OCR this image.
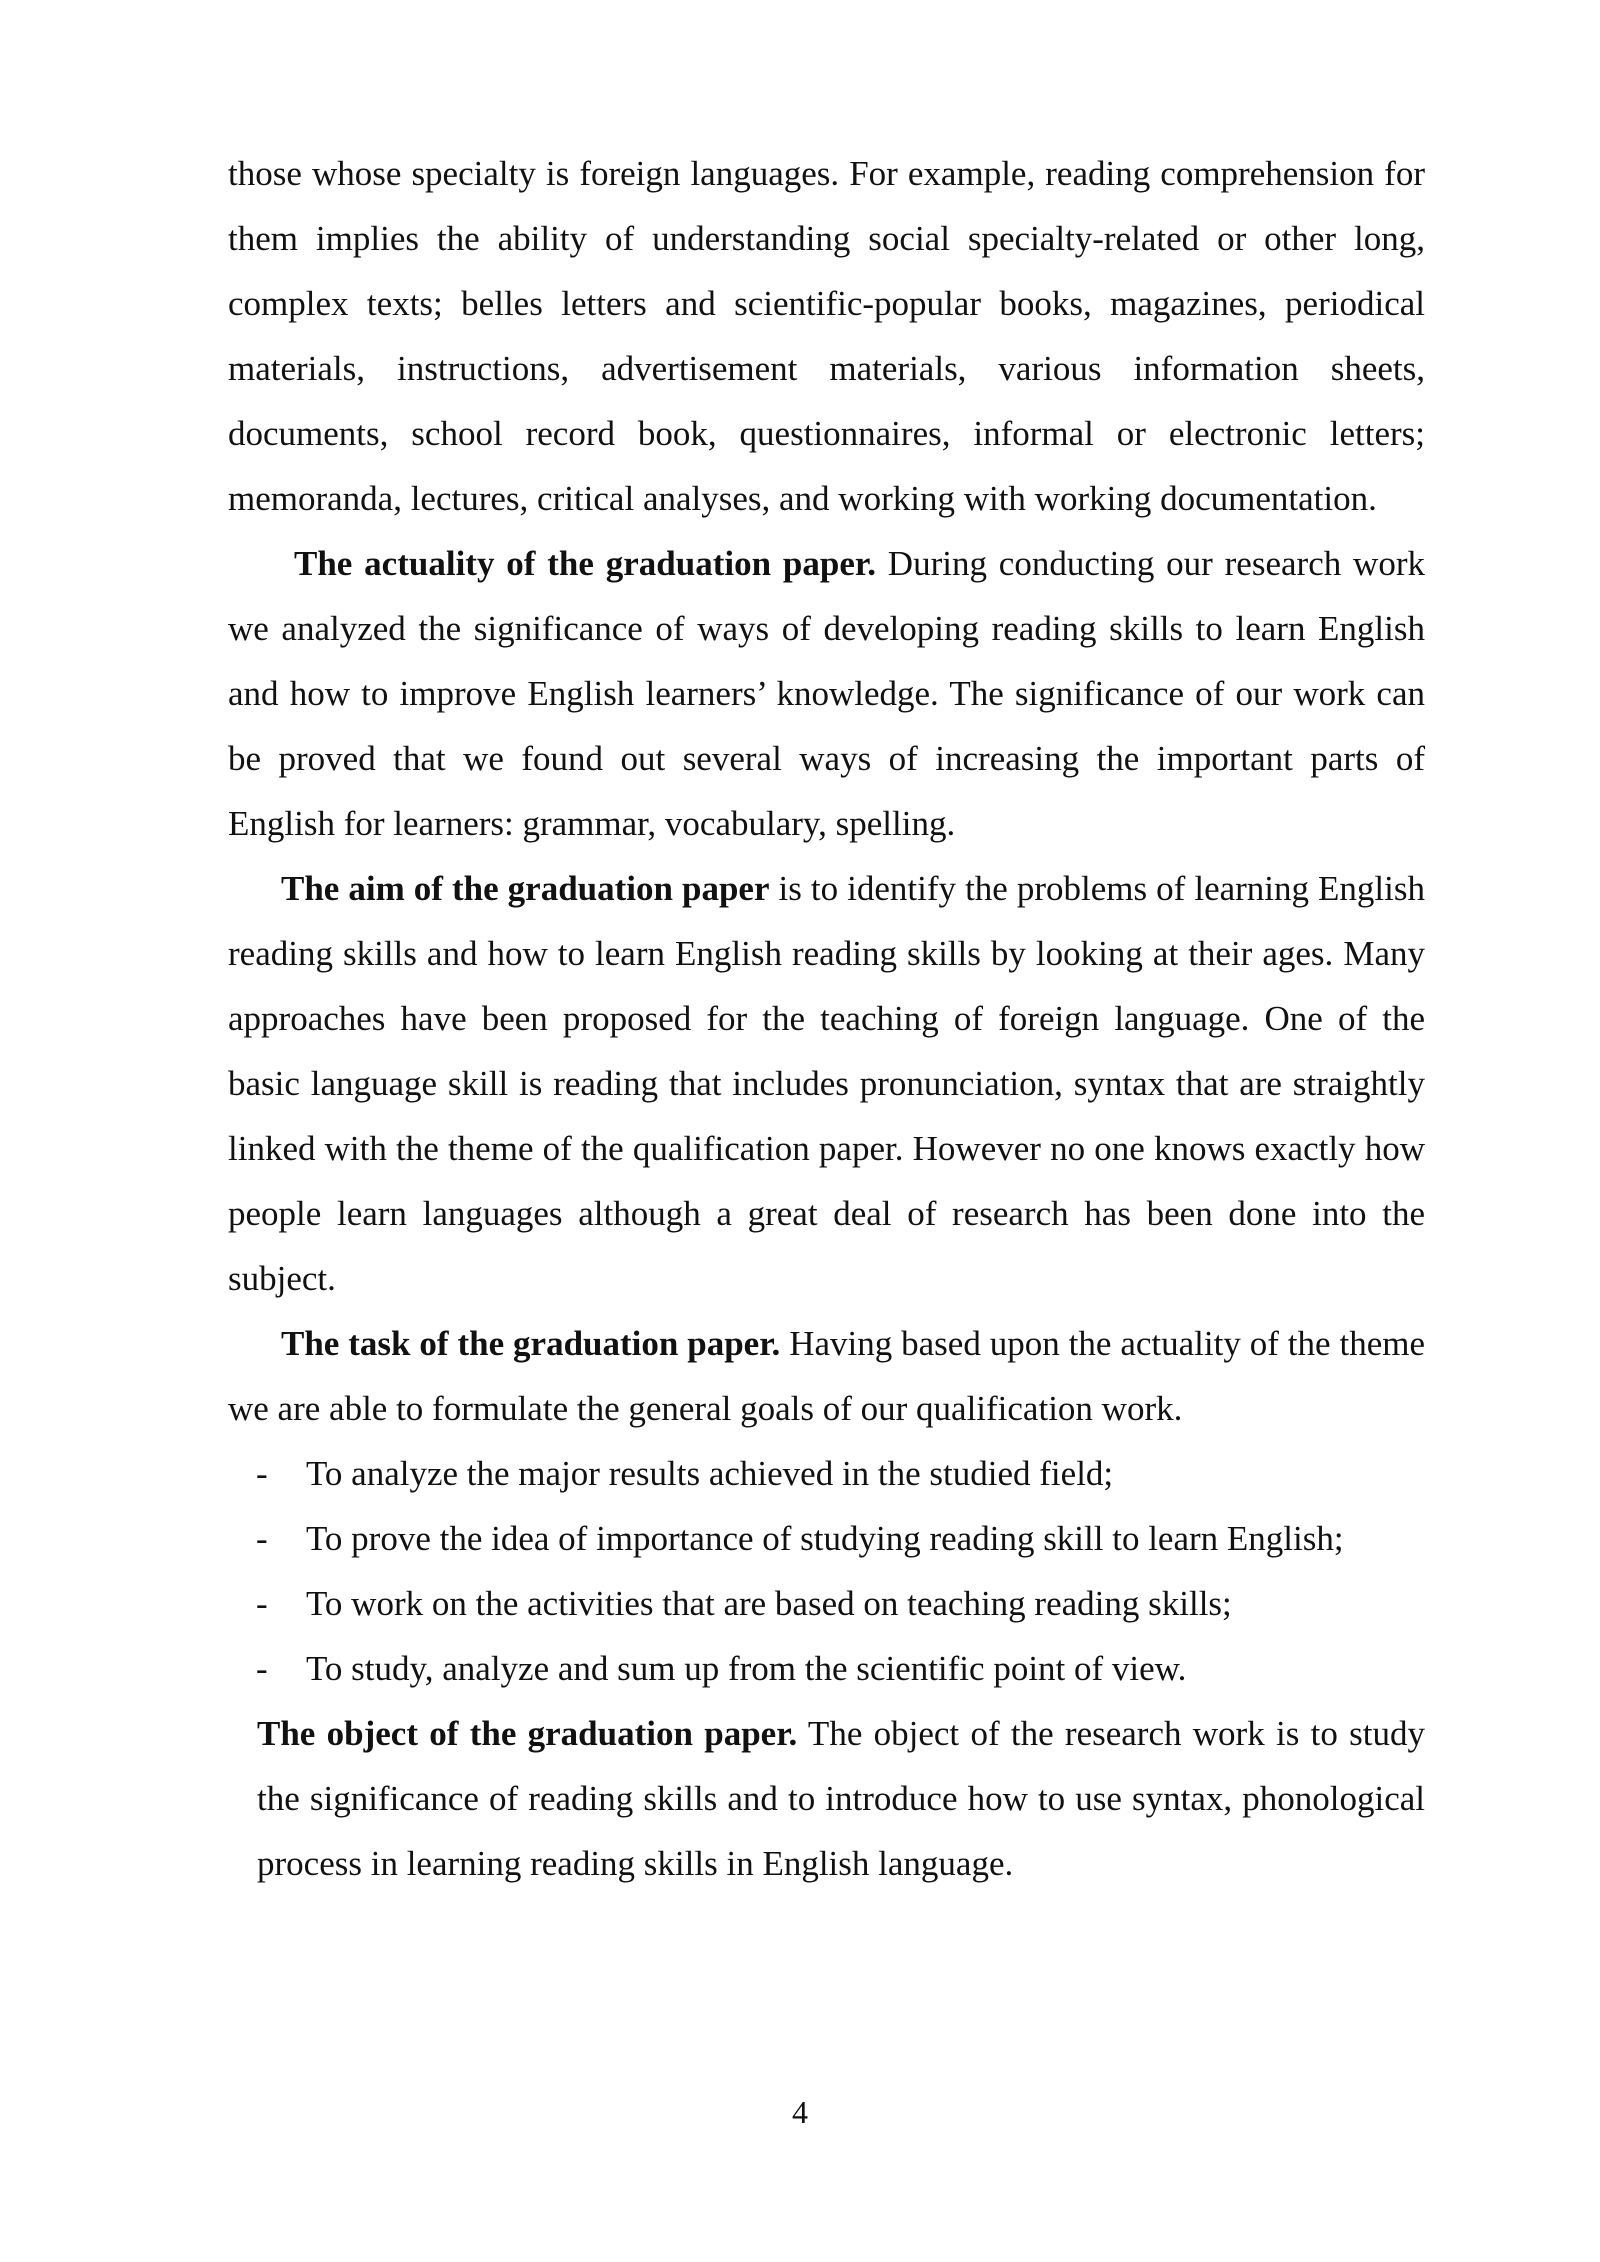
those whose specialty is foreign languages. For example, reading comprehension for them implies the ability of understanding social specialty-related or other long, complex texts; belles letters and scientific-popular books, magazines, periodical materials, instructions, advertisement materials, various information sheets, documents, school record book, questionnaires, informal or electronic letters; memoranda, lectures, critical analyses, and working with working documentation.

The actuality of the graduation paper. During conducting our research work we analyzed the significance of ways of developing reading skills to learn English and how to improve English learners’ knowledge. The significance of our work can be proved that we found out several ways of increasing the important parts of English for learners: grammar, vocabulary, spelling.

The aim of the graduation paper is to identify the problems of learning English reading skills and how to learn English reading skills by looking at their ages. Many approaches have been proposed for the teaching of foreign language. One of the basic language skill is reading that includes pronunciation, syntax that are straightly linked with the theme of the qualification paper. However no one knows exactly how people learn languages although a great deal of research has been done into the subject.

The task of the graduation paper. Having based upon the actuality of the theme we are able to formulate the general goals of our qualification work.

- To analyze the major results achieved in the studied field;
- To prove the idea of importance of studying reading skill to learn English;
- To work on the activities that are based on teaching reading skills;
- To study, analyze and sum up from the scientific point of view.

The object of the graduation paper. The object of the research work is to study the significance of reading skills and to introduce how to use syntax, phonological process in learning reading skills in English language.

4
